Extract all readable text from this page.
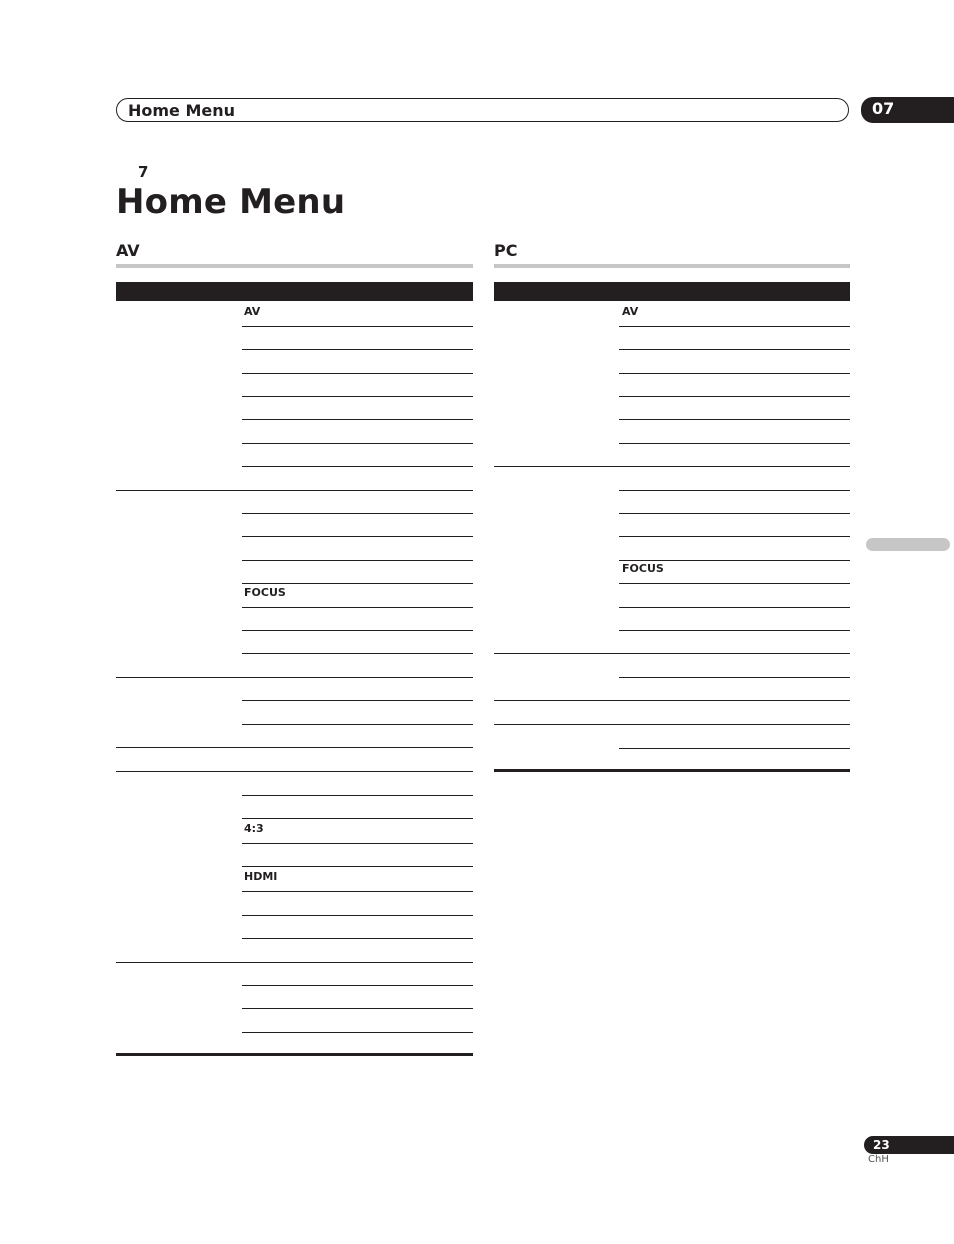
Home Menu	07
7
Home Menu
AV
AV
FOCUS
4:3
HDMI
PC
AV
FOCUS
23
ChH
